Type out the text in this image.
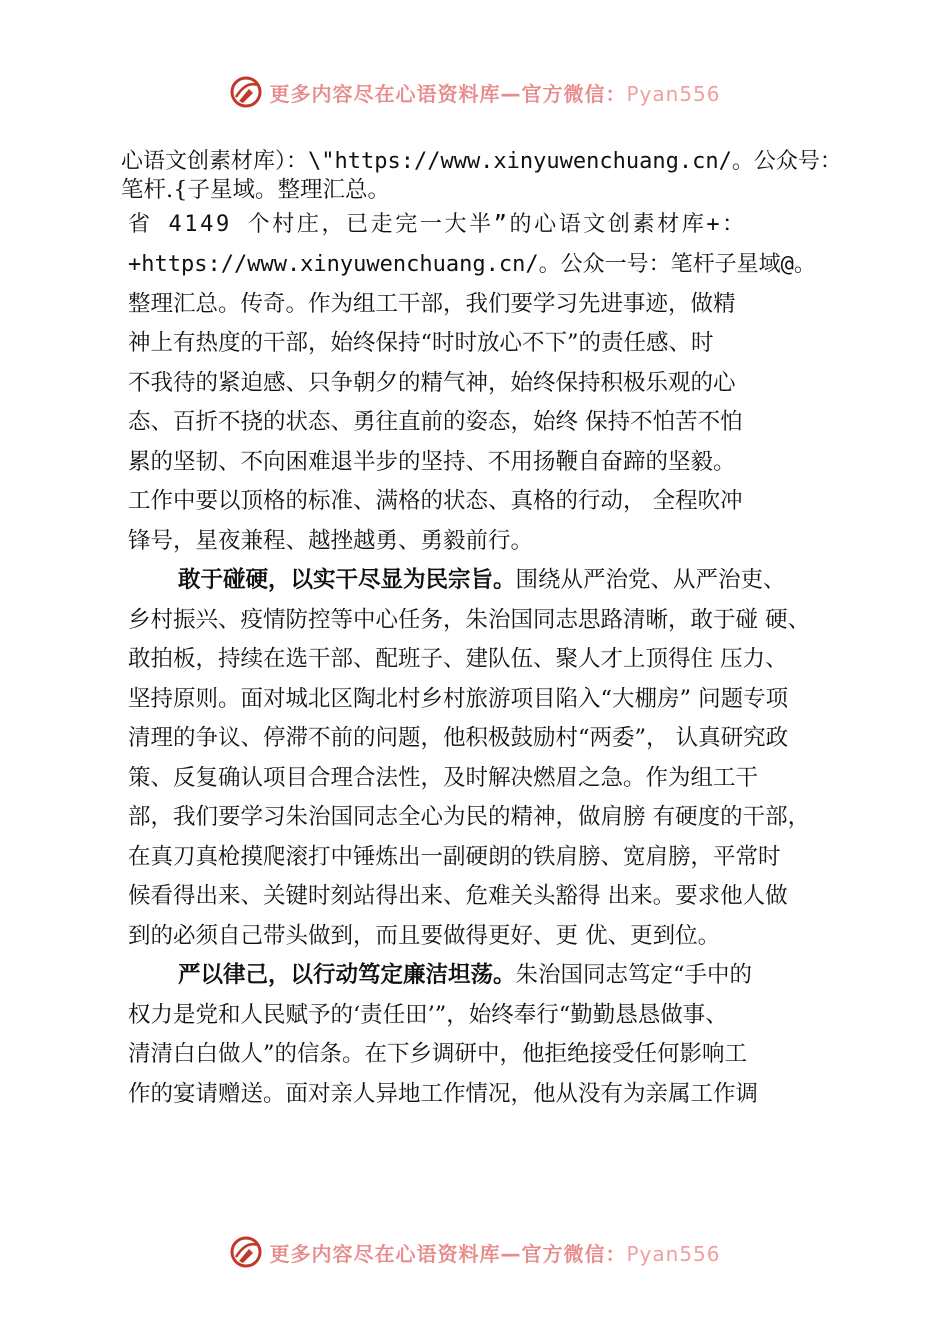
更多内容尽在心语资料库—官方微信：Pyan556
心语文创素材库）：\"https://www.xinyuwenchuang.cn/。公众号：
笔杆.{子星域。整理汇总。
省 4149 个村庄，已走完一大半”的心语文创素材库+：
+https://www.xinyuwenchuang.cn/。公众一号：笔杆子星域@。
整理汇总。传奇。作为组工干部，我们要学习先进事迹，做精
神上有热度的干部，始终保持“时时放心不下”的责任感、时
不我待的紧迫感、只争朝夕的精气神，始终保持积极乐观的心
态、百折不挠的状态、勇往直前的姿态，始终 保持不怕苦不怕
累的坚韧、不向困难退半步的坚持、不用扬鞭自奋蹄的坚毅。
工作中要以顶格的标准、满格的状态、真格的行动， 全程吹冲
锋号，星夜兼程、越挫越勇、勇毅前行。
敢于碰硬，以实干尽显为民宗旨。围绕从严治党、从严治吏、
乡村振兴、疫情防控等中心任务，朱治国同志思路清晰，敢于碰 硬、
敢拍板，持续在选干部、配班子、建队伍、聚人才上顶得住 压力、
坚持原则。面对城北区陶北村乡村旅游项目陷入“大棚房” 问题专项
清理的争议、停滞不前的问题，他积极鼓励村“两委”， 认真研究政
策、反复确认项目合理合法性，及时解决燃眉之急。作为组工干
部，我们要学习朱治国同志全心为民的精神，做肩膀 有硬度的干部，
在真刀真枪摸爬滚打中锤炼出一副硬朗的铁肩膀、宽肩膀，平常时
候看得出来、关键时刻站得出来、危难关头豁得 出来。要求他人做
到的必须自己带头做到，而且要做得更好、更 优、更到位。
严以律己，以行动笃定廉洁坦荡。朱治国同志笃定“手中的
权力是党和人民赋予的‘责任田’”，始终奉行“勤勤恳恳做事、
清清白白做人”的信条。在下乡调研中，他拒绝接受任何影响工
作的宴请赠送。面对亲人异地工作情况，他从没有为亲属工作调
更多内容尽在心语资料库—官方微信：Pyan556
